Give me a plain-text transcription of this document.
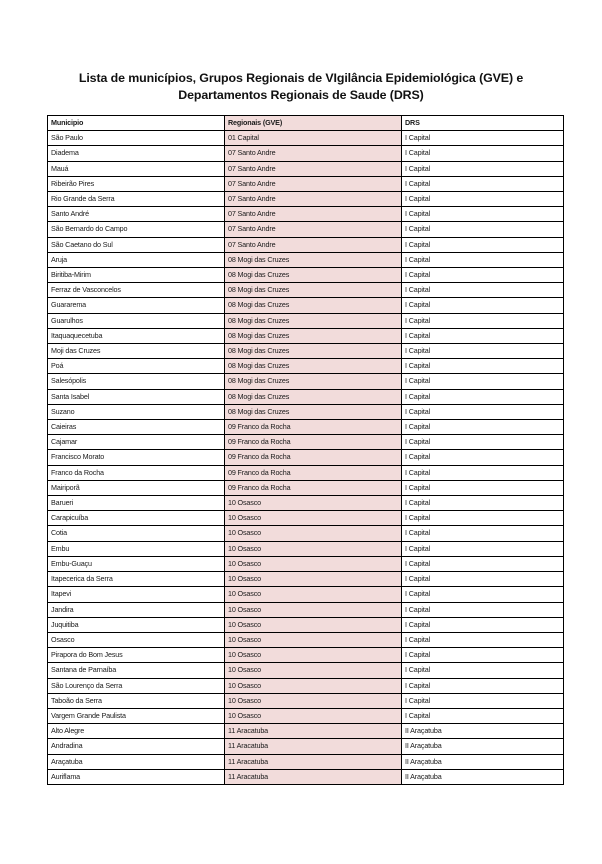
Lista de municípios, Grupos Regionais de VIgilância Epidemiológica (GVE) e
Departamentos Regionais de Saude (DRS)
Municipio	Regionais (GVE)	DRS
São Paulo	01 Capital	I Capital
Diadema	07 Santo Andre	I Capital
Mauá	07 Santo Andre	I Capital
Ribeirão Pires	07 Santo Andre	I Capital
Rio Grande da Serra	07 Santo Andre	I Capital
Santo André	07 Santo Andre	I Capital
São Bernardo do Campo	07 Santo Andre	I Capital
São Caetano do Sul	07 Santo Andre	I Capital
Aruja	08 Mogi das Cruzes	I Capital
Biritiba-Mirim	08 Mogi das Cruzes	I Capital
Ferraz de Vasconcelos	08 Mogi das Cruzes	I Capital
Guararema	08 Mogi das Cruzes	I Capital
Guarulhos	08 Mogi das Cruzes	I Capital
Itaquaquecetuba	08 Mogi das Cruzes	I Capital
Moji das Cruzes	08 Mogi das Cruzes	I Capital
Poá	08 Mogi das Cruzes	I Capital
Salesópolis	08 Mogi das Cruzes	I Capital
Santa Isabel	08 Mogi das Cruzes	I Capital
Suzano	08 Mogi das Cruzes	I Capital
Caieiras	09 Franco da Rocha	I Capital
Cajamar	09 Franco da Rocha	I Capital
Francisco Morato	09 Franco da Rocha	I Capital
Franco da Rocha	09 Franco da Rocha	I Capital
Mairiporã	09 Franco da Rocha	I Capital
Barueri	10 Osasco	I Capital
Carapicuíba	10 Osasco	I Capital
Cotia	10 Osasco	I Capital
Embu	10 Osasco	I Capital
Embu-Guaçu	10 Osasco	I Capital
Itapecerica da Serra	10 Osasco	I Capital
Itapevi	10 Osasco	I Capital
Jandira	10 Osasco	I Capital
Juquitiba	10 Osasco	I Capital
Osasco	10 Osasco	I Capital
Pirapora do Bom Jesus	10 Osasco	I Capital
Santana de Parnaíba	10 Osasco	I Capital
São Lourenço da Serra	10 Osasco	I Capital
Taboão da Serra	10 Osasco	I Capital
Vargem Grande Paulista	10 Osasco	I Capital
Alto Alegre	11 Aracatuba	II Araçatuba
Andradina	11 Aracatuba	II Araçatuba
Araçatuba	11 Aracatuba	II Araçatuba
Auriflama	11 Aracatuba	II Araçatuba
